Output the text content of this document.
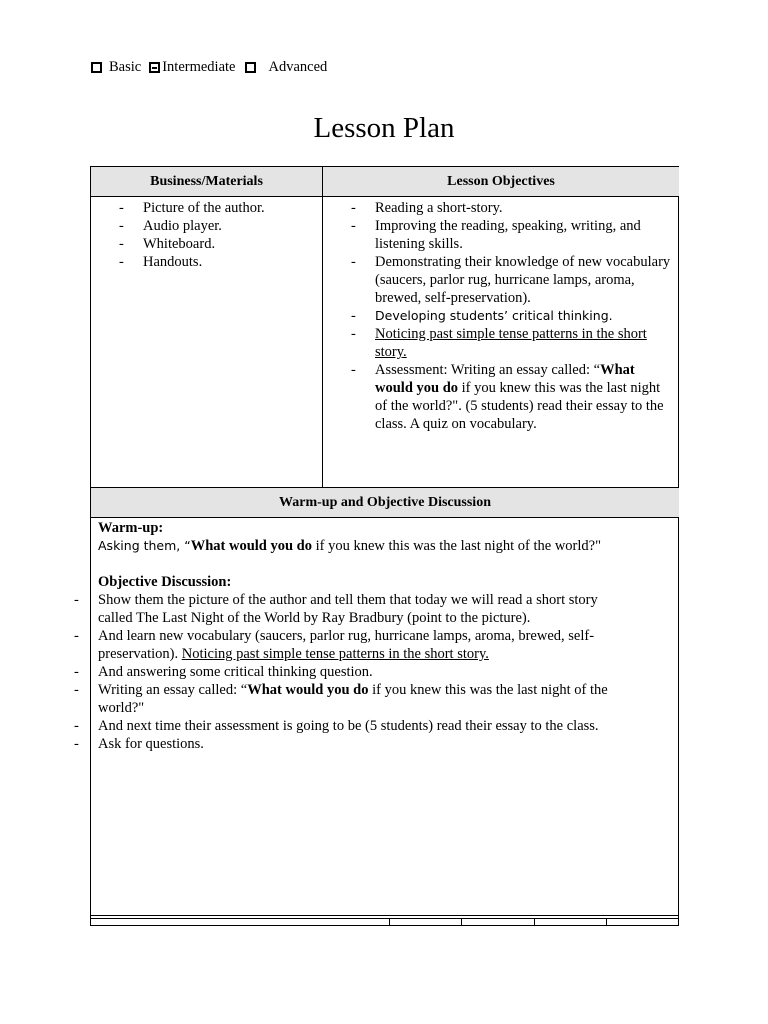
Basic Intermediate Advanced
Lesson Plan
Business/Materials	Lesson Objectives
- Picture of the author.
- Audio player.
- Whiteboard.
- Handouts.
- Reading a short-story.
- Improving the reading, speaking, writing, and listening skills.
- Demonstrating their knowledge of new vocabulary (saucers, parlor rug, hurricane lamps, aroma, brewed, self-preservation).
- Developing students’ critical thinking.
- Noticing past simple tense patterns in the short story.
- Assessment: Writing an essay called: “What would you do if you knew this was the last night of the world?". (5 students) read their essay to the class. A quiz on vocabulary.
Warm-up and Objective Discussion
Warm-up:
Asking them, “What would you do if you knew this was the last night of the world?"
Objective Discussion:
- Show them the picture of the author and tell them that today we will read a short story called The Last Night of the World by Ray Bradbury (point to the picture).
- And learn new vocabulary (saucers, parlor rug, hurricane lamps, aroma, brewed, self-preservation). Noticing past simple tense patterns in the short story.
- And answering some critical thinking question.
- Writing an essay called: “What would you do if you knew this was the last night of the world?"
- And next time their assessment is going to be (5 students) read their essay to the class.
- Ask for questions.
